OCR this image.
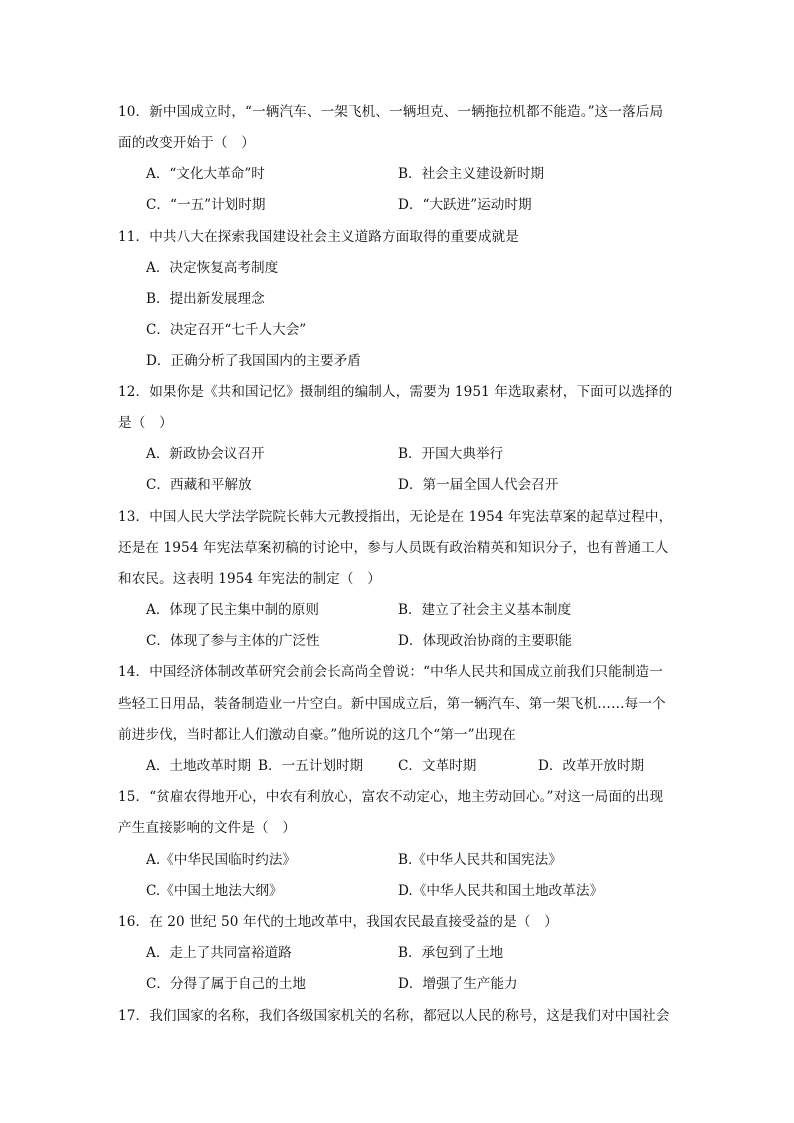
10．新中国成立时，“一辆汽车、一架飞机、一辆坦克、一辆拖拉机都不能造。”这一落后局
面的改变开始于（　）
A．“文化大革命”时	B．社会主义建设新时期
C．“一五”计划时期	D．“大跃进”运动时期
11．中共八大在探索我国建设社会主义道路方面取得的重要成就是
A．决定恢复高考制度
B．提出新发展理念
C．决定召开“七千人大会”
D．正确分析了我国国内的主要矛盾
12．如果你是《共和国记忆》摄制组的编制人，需要为 1951 年选取素材，下面可以选择的
是（　）
A．新政协会议召开	B．开国大典举行
C．西藏和平解放	D．第一届全国人代会召开
13．中国人民大学法学院院长韩大元教授指出，无论是在 1954 年宪法草案的起草过程中，
还是在 1954 年宪法草案初稿的讨论中，参与人员既有政治精英和知识分子，也有普通工人
和农民。这表明 1954 年宪法的制定（　）
A．体现了民主集中制的原则	B．建立了社会主义基本制度
C．体现了参与主体的广泛性	D．体现政治协商的主要职能
14．中国经济体制改革研究会前会长高尚全曾说：“中华人民共和国成立前我们只能制造一
些轻工日用品，装备制造业一片空白。新中国成立后，第一辆汽车、第一架飞机……每一个
前进步伐，当时都让人们激动自豪。”他所说的这几个“第一”出现在
A．土地改革时期 B．一五计划时期	C．文革时期	D．改革开放时期
15．“贫雇农得地开心，中农有利放心，富农不动定心，地主劳动回心。”对这一局面的出现
产生直接影响的文件是（　）
A.《中华民国临时约法》	B.《中华人民共和国宪法》
C.《中国土地法大纲》	D.《中华人民共和国土地改革法》
16．在 20 世纪 50 年代的土地改革中，我国农民最直接受益的是（　）
A．走上了共同富裕道路	B．承包到了土地
C．分得了属于自己的土地	D．增强了生产能力
17．我们国家的名称，我们各级国家机关的名称，都冠以人民的称号，这是我们对中国社会
